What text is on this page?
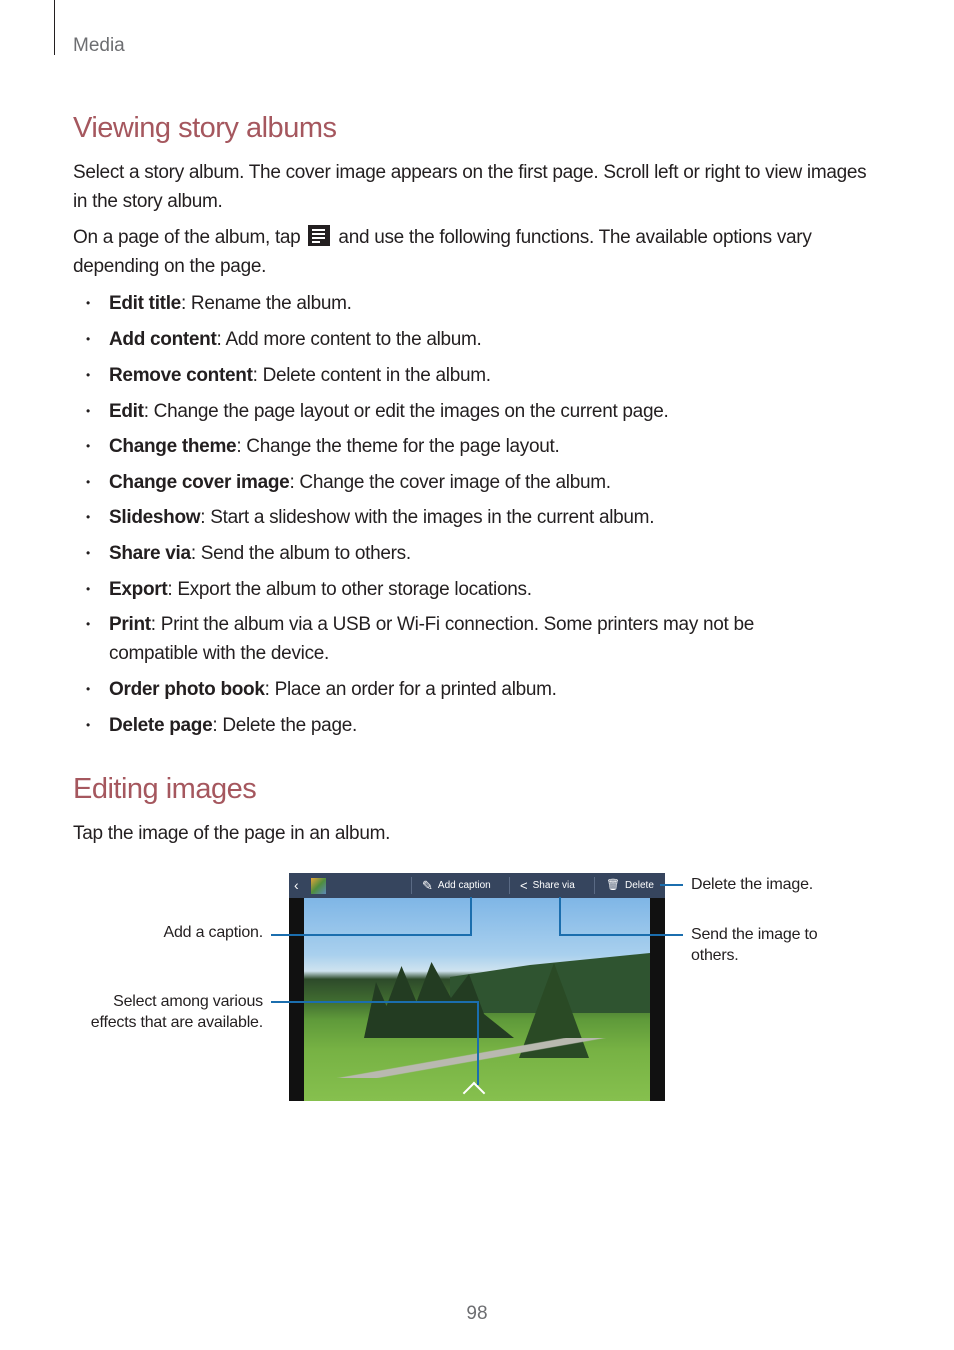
Media
Viewing story albums
Select a story album. The cover image appears on the first page. Scroll left or right to view images in the story album.
On a page of the album, tap and use the following functions. The available options vary depending on the page.
• Edit title: Rename the album.
• Add content: Add more content to the album.
• Remove content: Delete content in the album.
• Edit: Change the page layout or edit the images on the current page.
• Change theme: Change the theme for the page layout.
• Change cover image: Change the cover image of the album.
• Slideshow: Start a slideshow with the images in the current album.
• Share via: Send the album to others.
• Export: Export the album to other storage locations.
• Print: Print the album via a USB or Wi-Fi connection. Some printers may not be compatible with the device.
• Order photo book: Place an order for a printed album.
• Delete page: Delete the page.
Editing images
Tap the image of the page in an album.
‹	✎ Add caption < Share via	🗑 Delete
Add a caption.
Select among various effects that are available.
Delete the image.
Send the image to others.
98
